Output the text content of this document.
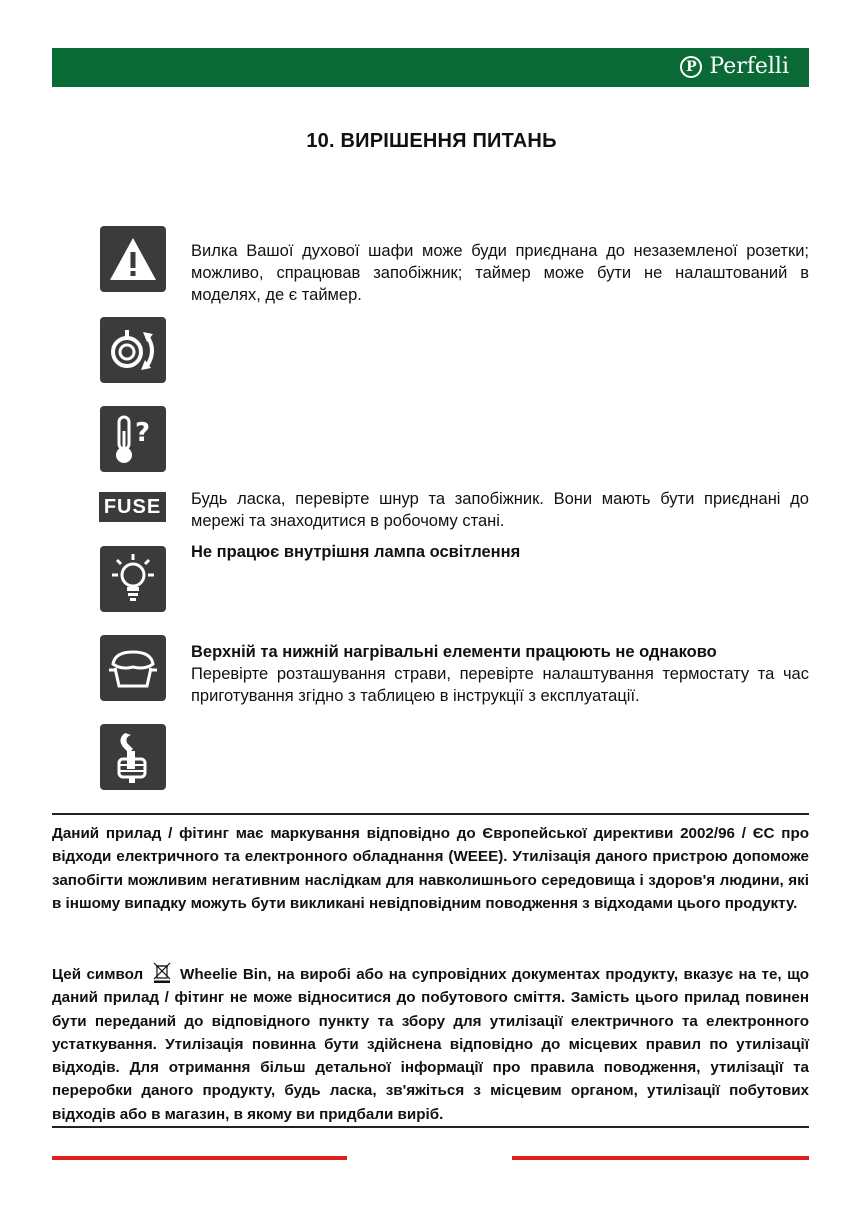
P Perfelli
10. ВИРІШЕННЯ ПИТАНЬ
Вилка Вашої духової шафи може буди приєднана до незаземленої розетки; можливо, спрацював запобіжник; таймер може бути не налаштований в моделях, де є таймер.
?
FUSE Будь ласка, перевірте шнур та запобіжник. Вони мають бути приєднані до мережі та знаходитися в робочому стані.
Не працює внутрішня лампа освітлення
Верхній та нижній нагрівальні елементи працюють не однаково
Перевірте розташування страви, перевірте налаштування термостату та час приготування згідно з таблицею в інструкції з експлуатації.
Даний прилад / фітинг має маркування відповідно до Європейської директиви 2002/96 / ЄС про відходи електричного та електронного обладнання (WEEE). Утилізація даного пристрою допоможе запобігти можливим негативним наслідкам для навколишнього середовища і здоров'я людини, які в іншому випадку можуть бути викликані невідповідним поводження з відходами цього продукту.
Цей символ Wheelie Bin, на виробі або на супровідних документах продукту, вказує на те, що даний прилад / фітинг не може відноситися до побутового сміття. Замість цього прилад повинен бути переданий до відповідного пункту та збору для утилізації електричного та електронного устаткування. Утилізація повинна бути здійснена відповідно до місцевих правил по утилізації відходів. Для отримання більш детальної інформації про правила поводження, утилізації та переробки даного продукту, будь ласка, зв'яжіться з місцевим органом, утилізації побутових відходів або в магазин, в якому ви придбали виріб.
